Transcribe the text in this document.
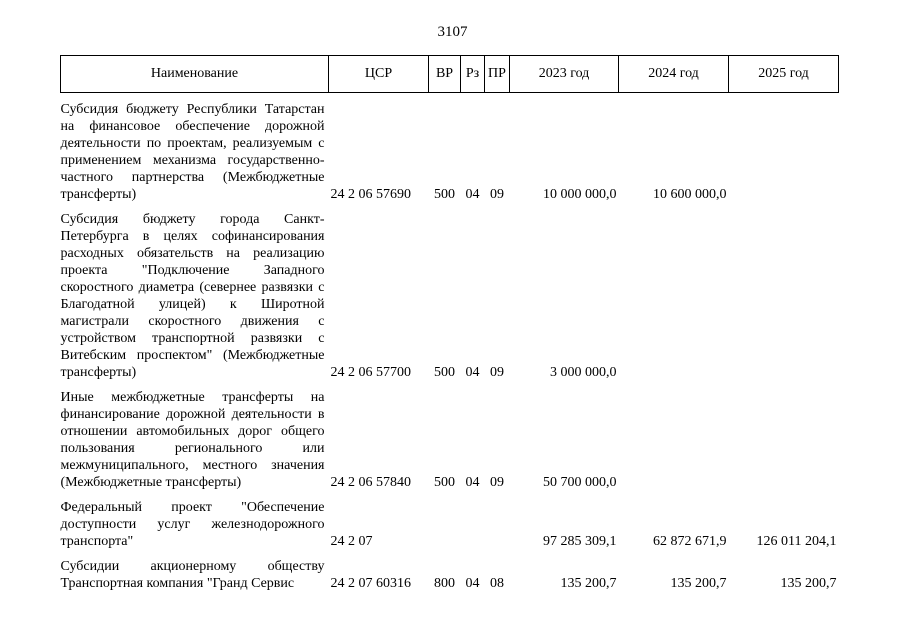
3107
Наименование	ЦСР	ВР	Рз	ПР	2023 год	2024 год	2025 год

Субсидия бюджету Республики Татарстан на финансовое обеспечение дорожной деятельности по проектам, реализуемым с применением механизма государственно-частного партнерства (Межбюджетные трансферты)	24 2 06 57690	500	04	09	10 000 000,0	10 600 000,0	

Субсидия бюджету города Санкт-Петербурга в целях софинансирования расходных обязательств на реализацию проекта "Подключение Западного скоростного диаметра (севернее развязки с Благодатной улицей) к Широтной магистрали скоростного движения с устройством транспортной развязки с Витебским проспектом" (Межбюджетные трансферты)	24 2 06 57700	500	04	09	3 000 000,0		

Иные межбюджетные трансферты на финансирование дорожной деятельности в отношении автомобильных дорог общего пользования регионального или межмуниципального, местного значения (Межбюджетные трансферты)	24 2 06 57840	500	04	09	50 700 000,0		

Федеральный проект "Обеспечение доступности услуг железнодорожного транспорта"	24 2 07				97 285 309,1	62 872 671,9	126 011 204,1

Субсидии акционерному обществу Транспортная компания "Гранд Сервис	24 2 07 60316	800	04	08	135 200,7	135 200,7	135 200,7
